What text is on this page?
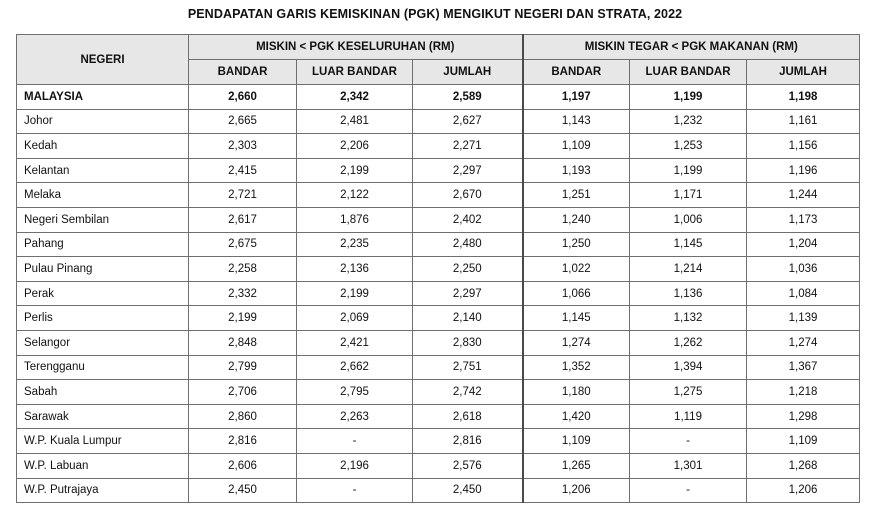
PENDAPATAN GARIS KEMISKINAN (PGK) MENGIKUT NEGERI DAN STRATA, 2022
NEGERI	MISKIN < PGK KESELURUHAN (RM)			MISKIN TEGAR < PGK MAKANAN (RM)		
	BANDAR	LUAR BANDAR	JUMLAH	BANDAR	LUAR BANDAR	JUMLAH
MALAYSIA	2,660	2,342	2,589	1,197	1,199	1,198
Johor	2,665	2,481	2,627	1,143	1,232	1,161
Kedah	2,303	2,206	2,271	1,109	1,253	1,156
Kelantan	2,415	2,199	2,297	1,193	1,199	1,196
Melaka	2,721	2,122	2,670	1,251	1,171	1,244
Negeri Sembilan	2,617	1,876	2,402	1,240	1,006	1,173
Pahang	2,675	2,235	2,480	1,250	1,145	1,204
Pulau Pinang	2,258	2,136	2,250	1,022	1,214	1,036
Perak	2,332	2,199	2,297	1,066	1,136	1,084
Perlis	2,199	2,069	2,140	1,145	1,132	1,139
Selangor	2,848	2,421	2,830	1,274	1,262	1,274
Terengganu	2,799	2,662	2,751	1,352	1,394	1,367
Sabah	2,706	2,795	2,742	1,180	1,275	1,218
Sarawak	2,860	2,263	2,618	1,420	1,119	1,298
W.P. Kuala Lumpur	2,816	-	2,816	1,109	-	1,109
W.P. Labuan	2,606	2,196	2,576	1,265	1,301	1,268
W.P. Putrajaya	2,450	-	2,450	1,206	-	1,206
